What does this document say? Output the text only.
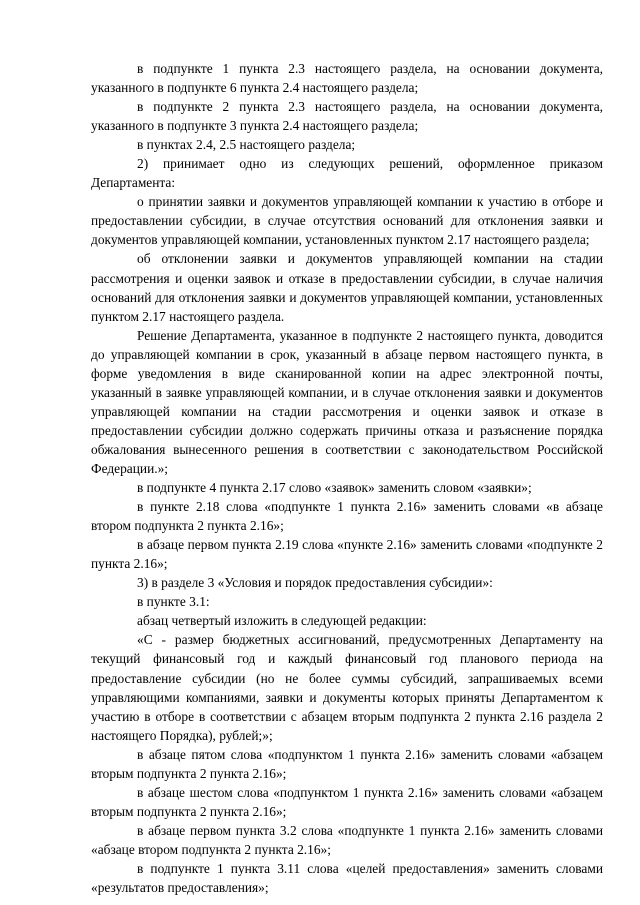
в подпункте 1 пункта 2.3 настоящего раздела, на основании документа, указанного в подпункте 6 пункта 2.4 настоящего раздела;

в подпункте 2 пункта 2.3 настоящего раздела, на основании документа, указанного в подпункте 3 пункта 2.4 настоящего раздела;

в пунктах 2.4, 2.5 настоящего раздела;

2) принимает одно из следующих решений, оформленное приказом Департамента:

о принятии заявки и документов управляющей компании к участию в отборе и предоставлении субсидии, в случае отсутствия оснований для отклонения заявки и документов управляющей компании, установленных пунктом 2.17 настоящего раздела;

об отклонении заявки и документов управляющей компании на стадии рассмотрения и оценки заявок и отказе в предоставлении субсидии, в случае наличия оснований для отклонения заявки и документов управляющей компании, установленных пунктом 2.17 настоящего раздела.

Решение Департамента, указанное в подпункте 2 настоящего пункта, доводится до управляющей компании в срок, указанный в абзаце первом настоящего пункта, в форме уведомления в виде сканированной копии на адрес электронной почты, указанный в заявке управляющей компании, и в случае отклонения заявки и документов управляющей компании на стадии рассмотрения и оценки заявок и отказе в предоставлении субсидии должно содержать причины отказа и разъяснение порядка обжалования вынесенного решения в соответствии с законодательством Российской Федерации.»;

в подпункте 4 пункта 2.17 слово «заявок» заменить словом «заявки»;

в пункте 2.18 слова «подпункте 1 пункта 2.16» заменить словами «в абзаце втором подпункта 2 пункта 2.16»;

в абзаце первом пункта 2.19 слова «пункте 2.16» заменить словами «подпункте 2 пункта 2.16»;

3) в разделе 3 «Условия и порядок предоставления субсидии»:

в пункте 3.1:

абзац четвертый изложить в следующей редакции:

«С - размер бюджетных ассигнований, предусмотренных Департаменту на текущий финансовый год и каждый финансовый год планового периода на предоставление субсидии (но не более суммы субсидий, запрашиваемых всеми управляющими компаниями, заявки и документы которых приняты Департаментом к участию в отборе в соответствии с абзацем вторым подпункта 2 пункта 2.16 раздела 2 настоящего Порядка), рублей;»;

в абзаце пятом слова «подпунктом 1 пункта 2.16» заменить словами «абзацем вторым подпункта 2 пункта 2.16»;

в абзаце шестом слова «подпунктом 1 пункта 2.16» заменить словами «абзацем вторым подпункта 2 пункта 2.16»;

в абзаце первом пункта 3.2 слова «подпункте 1 пункта 2.16» заменить словами «абзаце втором подпункта 2 пункта 2.16»;

в подпункте 1 пункта 3.11 слова «целей предоставления» заменить словами «результатов предоставления»;
